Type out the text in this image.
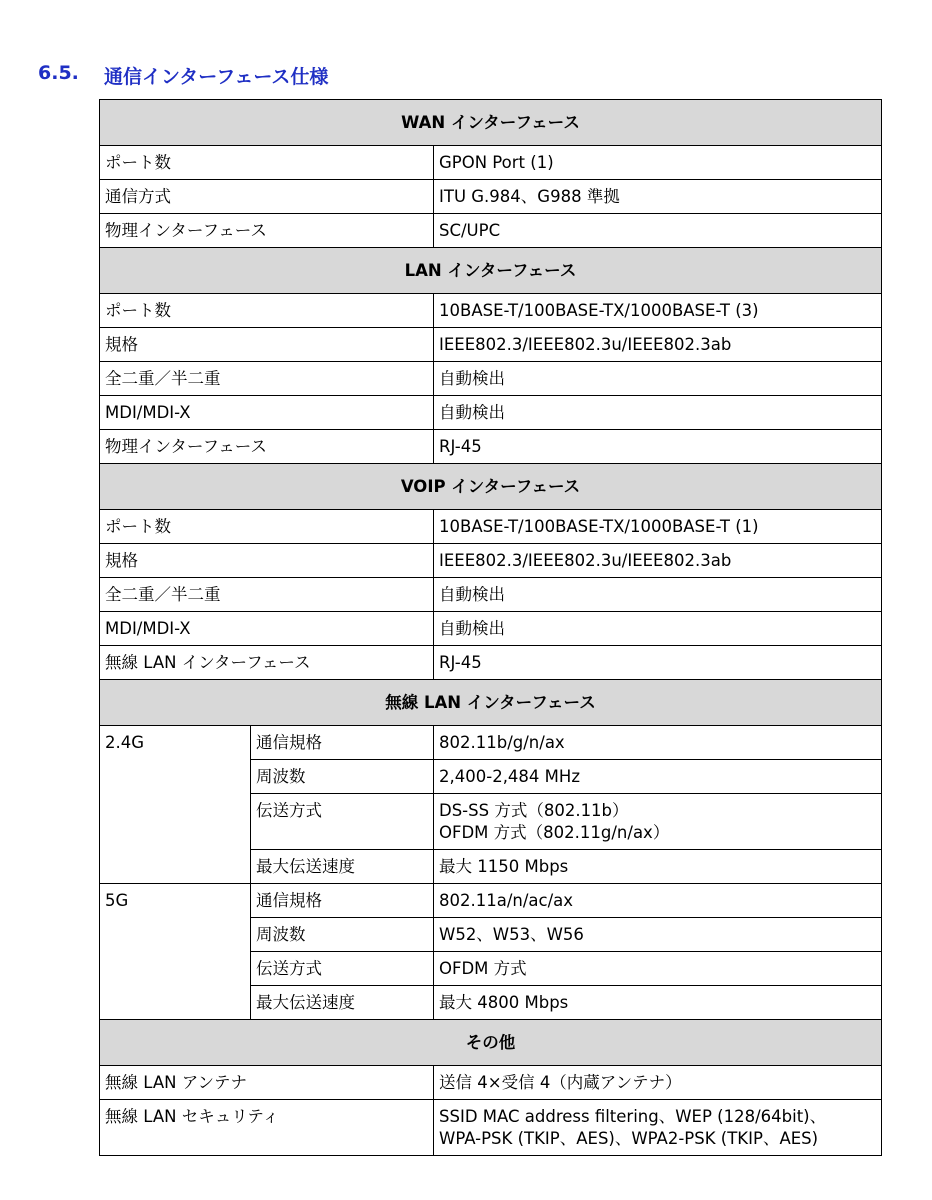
6.5.	通信インターフェース仕様
WAN インターフェース		
ポート数		GPON Port (1)
通信方式		ITU G.984、G988 準拠
物理インターフェース		SC/UPC
LAN インターフェース		
ポート数		10BASE-T/100BASE-TX/1000BASE-T (3)
規格		IEEE802.3/IEEE802.3u/IEEE802.3ab
全二重／半二重		自動検出
MDI/MDI-X		自動検出
物理インターフェース		RJ-45
VOIP インターフェース		
ポート数		10BASE-T/100BASE-TX/1000BASE-T (1)
規格		IEEE802.3/IEEE802.3u/IEEE802.3ab
全二重／半二重		自動検出
MDI/MDI-X		自動検出
無線 LAN インターフェース		RJ-45
無線 LAN インターフェース		
2.4G	通信規格	802.11b/g/n/ax
	周波数	2,400-2,484 MHz
	伝送方式	DS-SS 方式（802.11b）
OFDM 方式（802.11g/n/ax）

	最大伝送速度	最大 1150 Mbps
5G	通信規格	802.11a/n/ac/ax
	周波数	W52、W53、W56
	伝送方式	OFDM 方式
	最大伝送速度	最大 4800 Mbps
その他		
無線 LAN アンテナ		送信 4×受信 4（内蔵アンテナ）
無線 LAN セキュリティ		SSID MAC address filtering、WEP (128/64bit)、
WPA-PSK (TKIP、AES)、WPA2-PSK (TKIP、AES)
